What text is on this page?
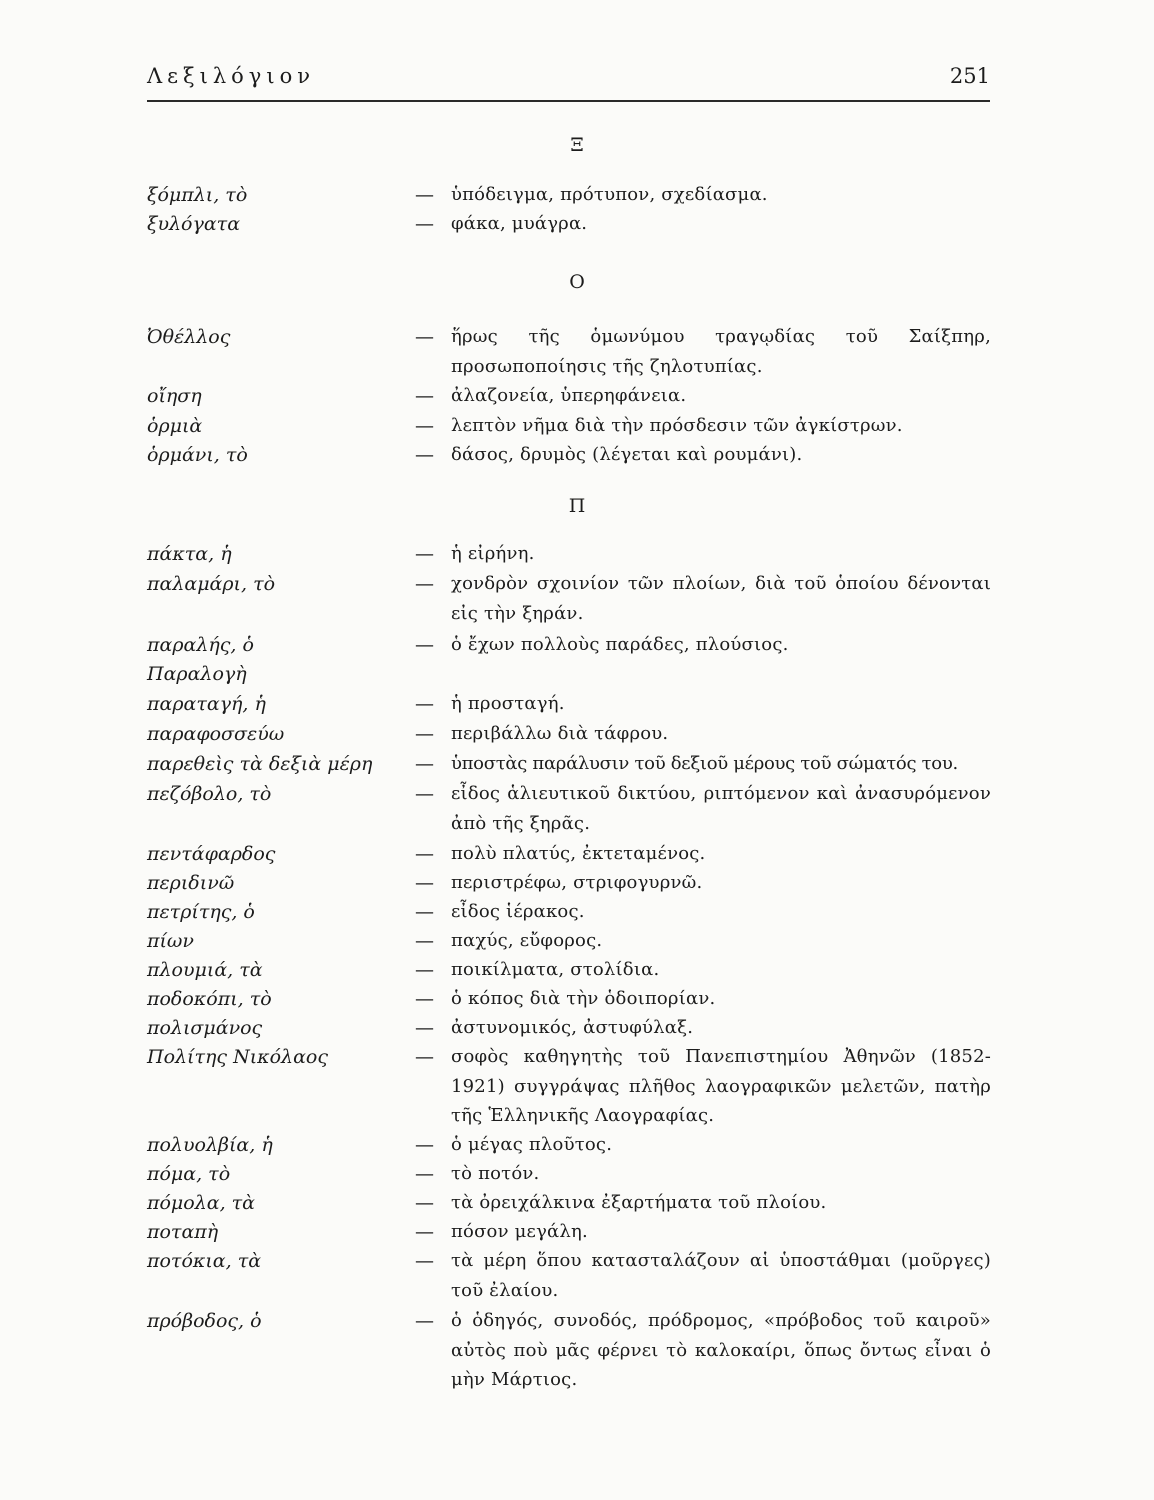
Λεξιλόγιον	251
Ξ
ξόμπλι, τὸ	— ὑπόδειγμα, πρότυπον, σχεδίασμα.
ξυλόγατα	— φάκα, μυάγρα.
Ο
Ὀθέλλος	— ἥρως τῆς ὁμωνύμου τραγῳδίας τοῦ Σαίξπηρ, προσωποποίησις τῆς ζηλοτυπίας.
οἴηση	— ἀλαζονεία, ὑπερηφάνεια.
ὁρμιὰ	— λεπτὸν νῆμα διὰ τὴν πρόσδεσιν τῶν ἀγκίστρων.
ὁρμάνι, τὸ	— δάσος, δρυμὸς (λέγεται καὶ ρουμάνι).
Π
πάκτα, ἡ	— ἡ εἰρήνη.
παλαμάρι, τὸ	— χονδρὸν σχοινίον τῶν πλοίων, διὰ τοῦ ὁποίου δένονται εἰς τὴν ξηράν.
παραλής, ὁ	— ὁ ἔχων πολλοὺς παράδες, πλούσιος.
Παραλογὴ
παραταγή, ἡ	— ἡ προσταγή.
παραφοσσεύω	— περιβάλλω διὰ τάφρου.
παρεθεὶς τὰ δεξιὰ μέρη	— ὑποστὰς παράλυσιν τοῦ δεξιοῦ μέρους τοῦ σώματός του.
πεζόβολο, τὸ	— εἶδος ἁλιευτικοῦ δικτύου, ριπτόμενον καὶ ἀνασυρόμενον ἀπὸ τῆς ξηρᾶς.
πεντάφαρδος	— πολὺ πλατύς, ἐκτεταμένος.
περιδινῶ	— περιστρέφω, στριφογυρνῶ.
πετρίτης, ὁ	— εἶδος ἱέρακος.
πίων	— παχύς, εὔφορος.
πλουμιά, τὰ	— ποικίλματα, στολίδια.
ποδοκόπι, τὸ	— ὁ κόπος διὰ τὴν ὁδοιπορίαν.
πολισμάνος	— ἀστυνομικός, ἀστυφύλαξ.
Πολίτης Νικόλαος	— σοφὸς καθηγητὴς τοῦ Πανεπιστημίου Ἀθηνῶν (1852-1921) συγγράψας πλῆθος λαογραφικῶν μελετῶν, πατὴρ τῆς Ἑλληνικῆς Λαογραφίας.
πολυολβία, ἡ	— ὁ μέγας πλοῦτος.
πόμα, τὸ	— τὸ ποτόν.
πόμολα, τὰ	— τὰ ὀρειχάλκινα ἐξαρτήματα τοῦ πλοίου.
ποταπὴ	— πόσον μεγάλη.
ποτόκια, τὰ	— τὰ μέρη ὅπου κατασταλάζουν αἱ ὑποστάθμαι (μοῦργες) τοῦ ἐλαίου.
πρόβοδος, ὁ	— ὁ ὁδηγός, συνοδός, πρόδρομος, «πρόβοδος τοῦ καιροῦ» αὐτὸς ποὺ μᾶς φέρνει τὸ καλοκαίρι, ὅπως ὄντως εἶναι ὁ μὴν Μάρτιος.
